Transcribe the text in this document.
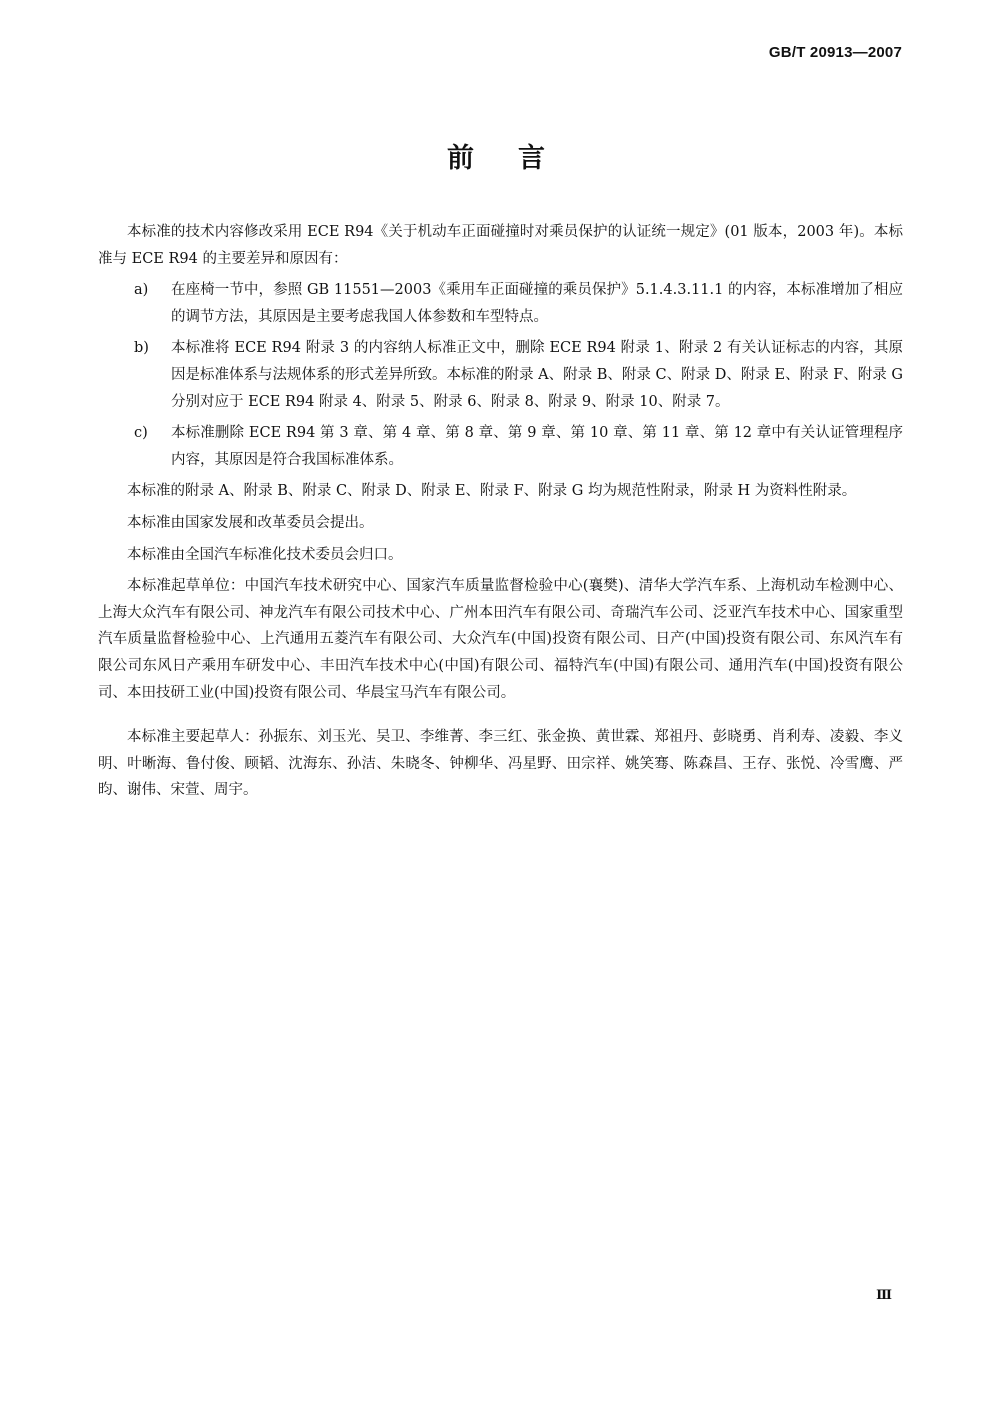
GB/T 20913—2007
前言

本标准的技术内容修改采用 ECE R94《关于机动车正面碰撞时对乘员保护的认证统一规定》(01 版本，2003 年)。本标准与 ECE R94 的主要差异和原因有：

a) 在座椅一节中，参照 GB 11551—2003《乘用车正面碰撞的乘员保护》5.1.4.3.11.1 的内容，本标准增加了相应的调节方法，其原因是主要考虑我国人体参数和车型特点。

b) 本标准将 ECE R94 附录 3 的内容纳人标准正文中，删除 ECE R94 附录 1、附录 2 有关认证标志的内容，其原因是标准体系与法规体系的形式差异所致。本标准的附录 A、附录 B、附录 C、附录 D、附录 E、附录 F、附录 G 分别对应于 ECE R94 附录 4、附录 5、附录 6、附录 8、附录 9、附录 10、附录 7。

c) 本标准删除 ECE R94 第 3 章、第 4 章、第 8 章、第 9 章、第 10 章、第 11 章、第 12 章中有关认证管理程序内容，其原因是符合我国标准体系。

本标准的附录 A、附录 B、附录 C、附录 D、附录 E、附录 F、附录 G 均为规范性附录，附录 H 为资料性附录。

本标准由国家发展和改革委员会提出。

本标准由全国汽车标准化技术委员会归口。

本标准起草单位：中国汽车技术研究中心、国家汽车质量监督检验中心(襄樊)、清华大学汽车系、上海机动车检测中心、上海大众汽车有限公司、神龙汽车有限公司技术中心、广州本田汽车有限公司、奇瑞汽车公司、泛亚汽车技术中心、国家重型汽车质量监督检验中心、上汽通用五菱汽车有限公司、大众汽车(中国)投资有限公司、日产(中国)投资有限公司、东风汽车有限公司东风日产乘用车研发中心、丰田汽车技术中心(中国)有限公司、福特汽车(中国)有限公司、通用汽车(中国)投资有限公司、本田技研工业(中国)投资有限公司、华晨宝马汽车有限公司。

本标准主要起草人：孙振东、刘玉光、吴卫、李维菁、李三红、张金换、黄世霖、郑祖丹、彭晓勇、肖利寿、凌毅、李义明、叶晰海、鲁付俊、顾韬、沈海东、孙洁、朱晓冬、钟柳华、冯星野、田宗祥、姚笑骞、陈森昌、王存、张悦、冷雪鹰、严昀、谢伟、宋萱、周宇。

Ⅲ
